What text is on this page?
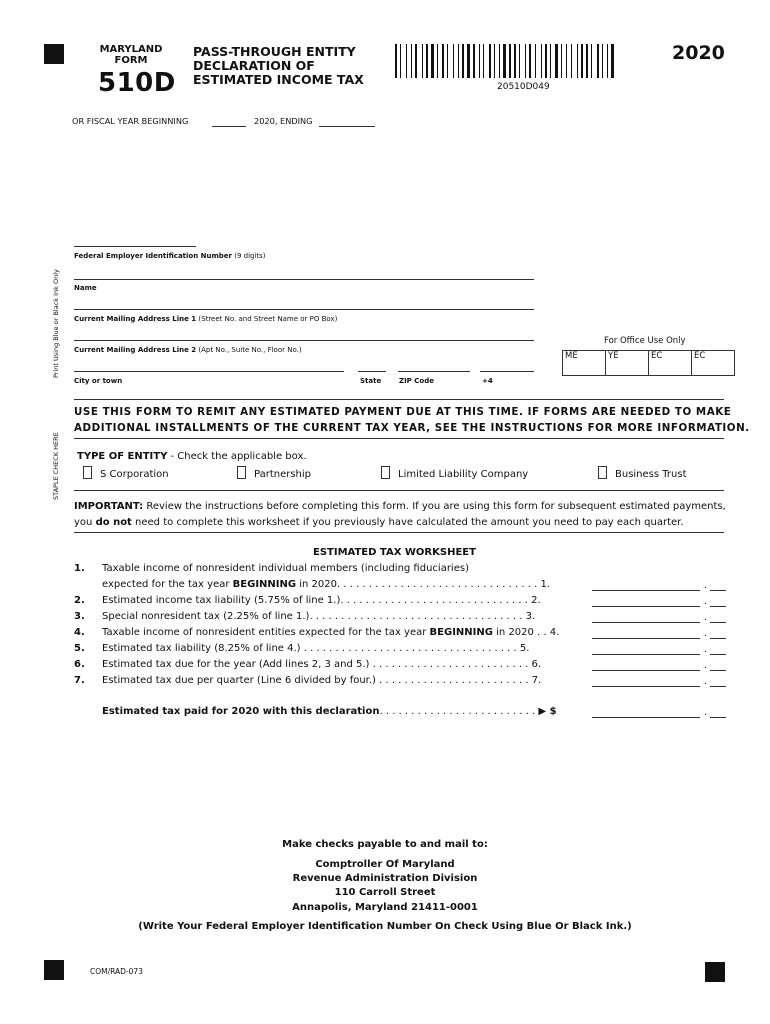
MARYLAND
FORM
510D
PASS-THROUGH ENTITY
DECLARATION OF
ESTIMATED INCOME TAX	20510D049
2020
OR FISCAL YEAR BEGINNING	2020, ENDING
Print Using Blue or Black Ink Only
STAPLE CHECK HERE
Federal Employer Identification Number (9 digits)
Name
Current Mailing Address Line 1 (Street No. and Street Name or PO Box)
Current Mailing Address Line 2 (Apt No., Suite No., Floor No.)
City or town	State	ZIP Code	+4
For Office Use Only
ME	YE	EC	EC
USE THIS FORM TO REMIT ANY ESTIMATED PAYMENT DUE AT THIS TIME. IF FORMS ARE NEEDED TO MAKE
ADDITIONAL INSTALLMENTS OF THE CURRENT TAX YEAR, SEE THE INSTRUCTIONS FOR MORE INFORMATION.
TYPE OF ENTITY - Check the applicable box.
S Corporation	Partnership	Limited Liability Company	Business Trust
IMPORTANT: Review the instructions before completing this form. If you are using this form for subsequent estimated payments,
you do not need to complete this worksheet if you previously have calculated the amount you need to pay each quarter.
ESTIMATED TAX WORKSHEET
1. Taxable income of nonresident individual members (including fiduciaries)
expected for the tax year BEGINNING in 2020. . . . . . . . . . . . . . . . . . . . . . . . . . . . . . . . 1.	.
2. Estimated income tax liability (5.75% of line 1.). . . . . . . . . . . . . . . . . . . . . . . . . . . . . . 2.	.
3. Special nonresident tax (2.25% of line 1.). . . . . . . . . . . . . . . . . . . . . . . . . . . . . . . . . . 3.	.
4. Taxable income of nonresident entities expected for the tax year BEGINNING in 2020 . . 4.	.
5. Estimated tax liability (8.25% of line 4.) . . . . . . . . . . . . . . . . . . . . . . . . . . . . . . . . . . 5.	.
6. Estimated tax due for the year (Add lines 2, 3 and 5.) . . . . . . . . . . . . . . . . . . . . . . . . . 6.	.
7. Estimated tax due per quarter (Line 6 divided by four.) . . . . . . . . . . . . . . . . . . . . . . . . 7.	.
Estimated tax paid for 2020 with this declaration. . . . . . . . . . . . . . . . . . . . . . . . . ▶ $	.
Make checks payable to and mail to:
Comptroller Of Maryland
Revenue Administration Division
110 Carroll Street
Annapolis, Maryland 21411-0001
(Write Your Federal Employer Identification Number On Check Using Blue Or Black Ink.)
COM/RAD-073
